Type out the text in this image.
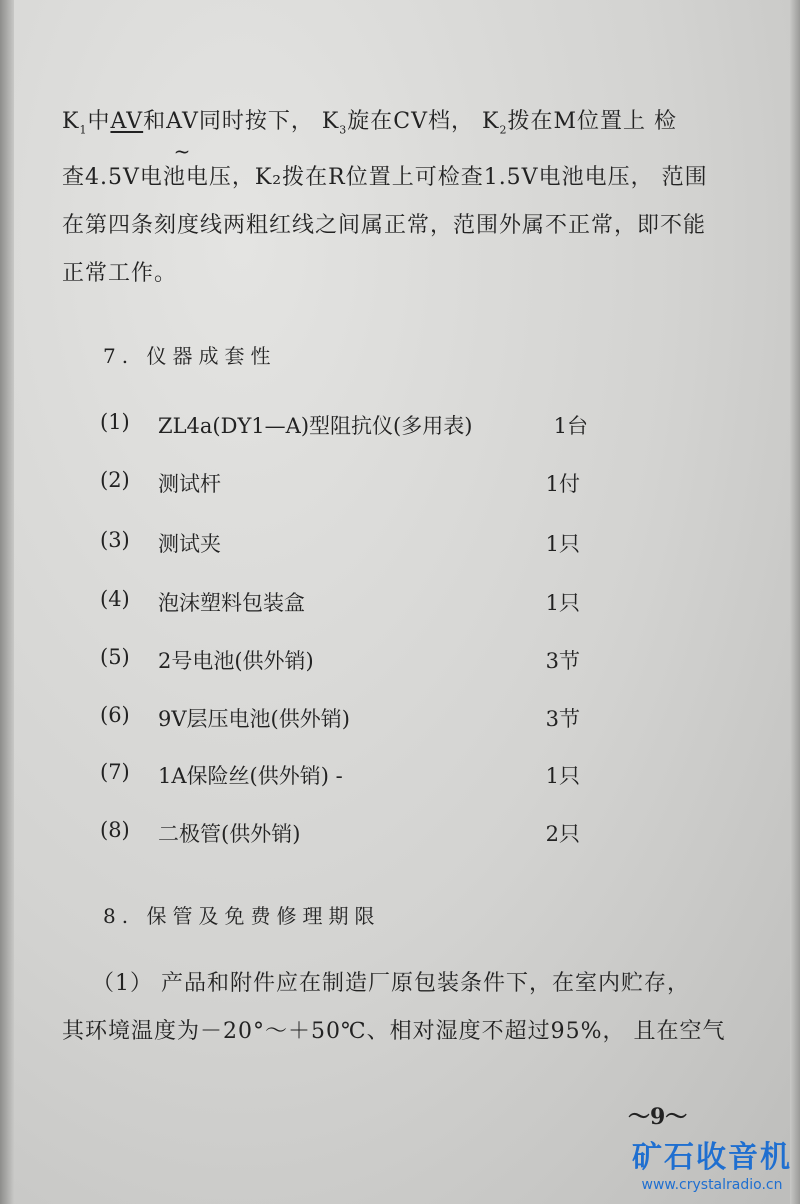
$K_1$中AV和AV ~同时按下， $K_3$旋在CV档， $K_2$拨在M位置上 检
查4.5V电池电压，K₂拨在R位置上可检查1.5V电池电压， 范围
在第四条刻度线两粗红线之间属正常，范围外属不正常，即不能
正常工作。
7. 仪器成套性
(1) ZL4a(DY1—A)型阻抗仪(多用表)	1台
(2) 测试杆	1付
(3) 测试夹	1只
(4) 泡沫塑料包装盒	1只
(5) 2号电池(供外销)	3节
(6) 9V层压电池(供外销)	3节
(7) 1A保险丝(供外销) -	1只
(8) 二极管(供外销)	2只
8. 保管及免费修理期限
（1） 产品和附件应在制造厂原包装条件下，在室内贮存，
其环境温度为－20°～＋50℃、相对湿度不超过95%， 且在空气
～9～
矿石收音机
www.crystalradio.cn
